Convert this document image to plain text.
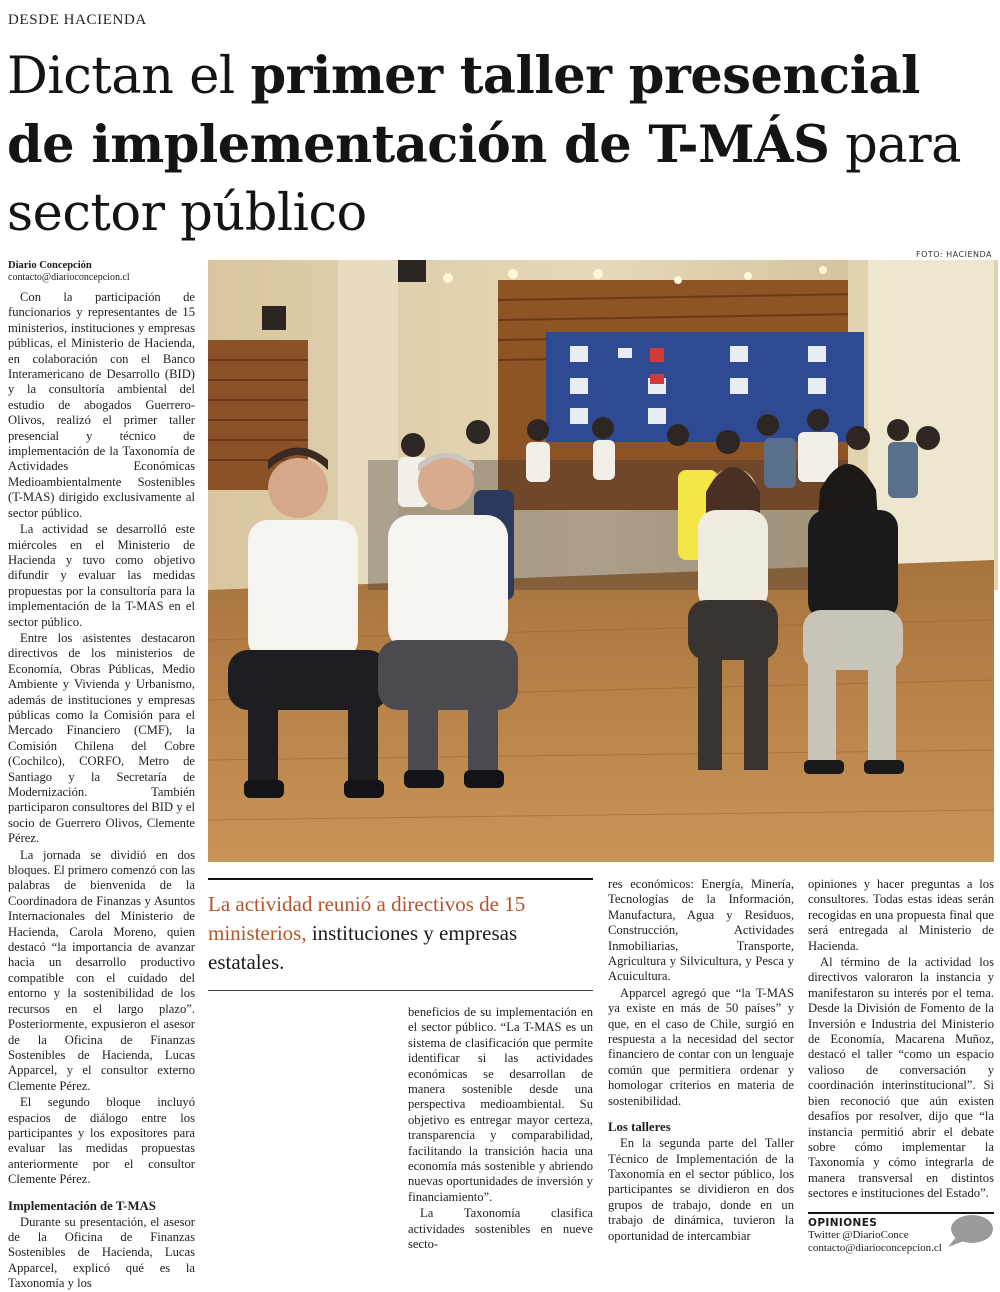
DESDE HACIENDA
Dictan el primer taller presencial de implementación de T-MÁS para sector público
Diario Concepción
contacto@diarioconcepcion.cl
FOTO: HACIENDA

Con la participación de funcionarios y representantes de 15 ministerios, instituciones y empresas públicas, el Ministerio de Hacienda, en colaboración con el Banco Interamericano de Desarrollo (BID) y la consultoría ambiental del estudio de abogados Guerrero-Olivos, realizó el primer taller presencial y técnico de implementación de la Taxonomía de Actividades Económicas Medioambientalmente Sostenibles (T-MAS) dirigido exclusivamente al sector público.

La actividad se desarrolló este miércoles en el Ministerio de Hacienda y tuvo como objetivo difundir y evaluar las medidas propuestas por la consultoría para la implementación de la T-MAS en el sector público.

Entre los asistentes destacaron directivos de los ministerios de Economía, Obras Públicas, Medio Ambiente y Vivienda y Urbanismo, además de instituciones y empresas públicas como la Comisión para el Mercado Financiero (CMF), la Comisión Chilena del Cobre (Cochilco), CORFO, Metro de Santiago y la Secretaría de Modernización. También participaron consultores del BID y el socio de Guerrero Olivos, Clemente Pérez.

La jornada se dividió en dos bloques. El primero comenzó con las palabras de bienvenida de la Coordinadora de Finanzas y Asuntos Internacionales del Ministerio de Hacienda, Carola Moreno, quien destacó “la importancia de avanzar hacia un desarrollo productivo compatible con el cuidado del entorno y la sostenibilidad de los recursos en el largo plazo”. Posteriormente, expusieron el asesor de la Oficina de Finanzas Sostenibles de Hacienda, Lucas Apparcel, y el consultor externo Clemente Pérez.

El segundo bloque incluyó espacios de diálogo entre los participantes y los expositores para evaluar las medidas propuestas anteriormente por el consultor Clemente Pérez.

Implementación de T-MAS

Durante su presentación, el asesor de la Oficina de Finanzas Sostenibles de Hacienda, Lucas Apparcel, explicó qué es la Taxonomía y los

La actividad reunió a directivos de 15 ministerios, instituciones y empresas estatales.

beneficios de su implementación en el sector público. “La T-MAS es un sistema de clasificación que permite identificar si las actividades económicas se desarrollan de manera sostenible desde una perspectiva medioambiental. Su objetivo es entregar mayor certeza, transparencia y comparabilidad, facilitando la transición hacia una economía más sostenible y abriendo nuevas oportunidades de inversión y financiamiento”.

La Taxonomía clasifica actividades sostenibles en nueve secto-

res económicos: Energía, Minería, Tecnologías de la Información, Manufactura, Agua y Residuos, Construcción, Actividades Inmobiliarias, Transporte, Agricultura y Silvicultura, y Pesca y Acuicultura.

Apparcel agregó que “la T-MAS ya existe en más de 50 países” y que, en el caso de Chile, surgió en respuesta a la necesidad del sector financiero de contar con un lenguaje común que permitiera ordenar y homologar criterios en materia de sostenibilidad.

Los talleres

En la segunda parte del Taller Técnico de Implementación de la Taxonomía en el sector público, los participantes se dividieron en dos grupos de trabajo, donde en un trabajo de dinámica, tuvieron la oportunidad de intercambiar

opiniones y hacer preguntas a los consultores. Todas estas ideas serán recogidas en una propuesta final que será entregada al Ministerio de Hacienda.

Al término de la actividad los directivos valoraron la instancia y manifestaron su interés por el tema. Desde la División de Fomento de la Inversión e Industria del Ministerio de Economía, Macarena Muñoz, destacó el taller “como un espacio valioso de conversación y coordinación interinstitucional”. Si bien reconoció que aún existen desafíos por resolver, dijo que “la instancia permitió abrir el debate sobre cómo implementar la Taxonomía y cómo integrarla de manera transversal en distintos sectores e instituciones del Estado”.

OPINIONES
Twitter @DiarioConce
contacto@diarioconcepcion.cl
